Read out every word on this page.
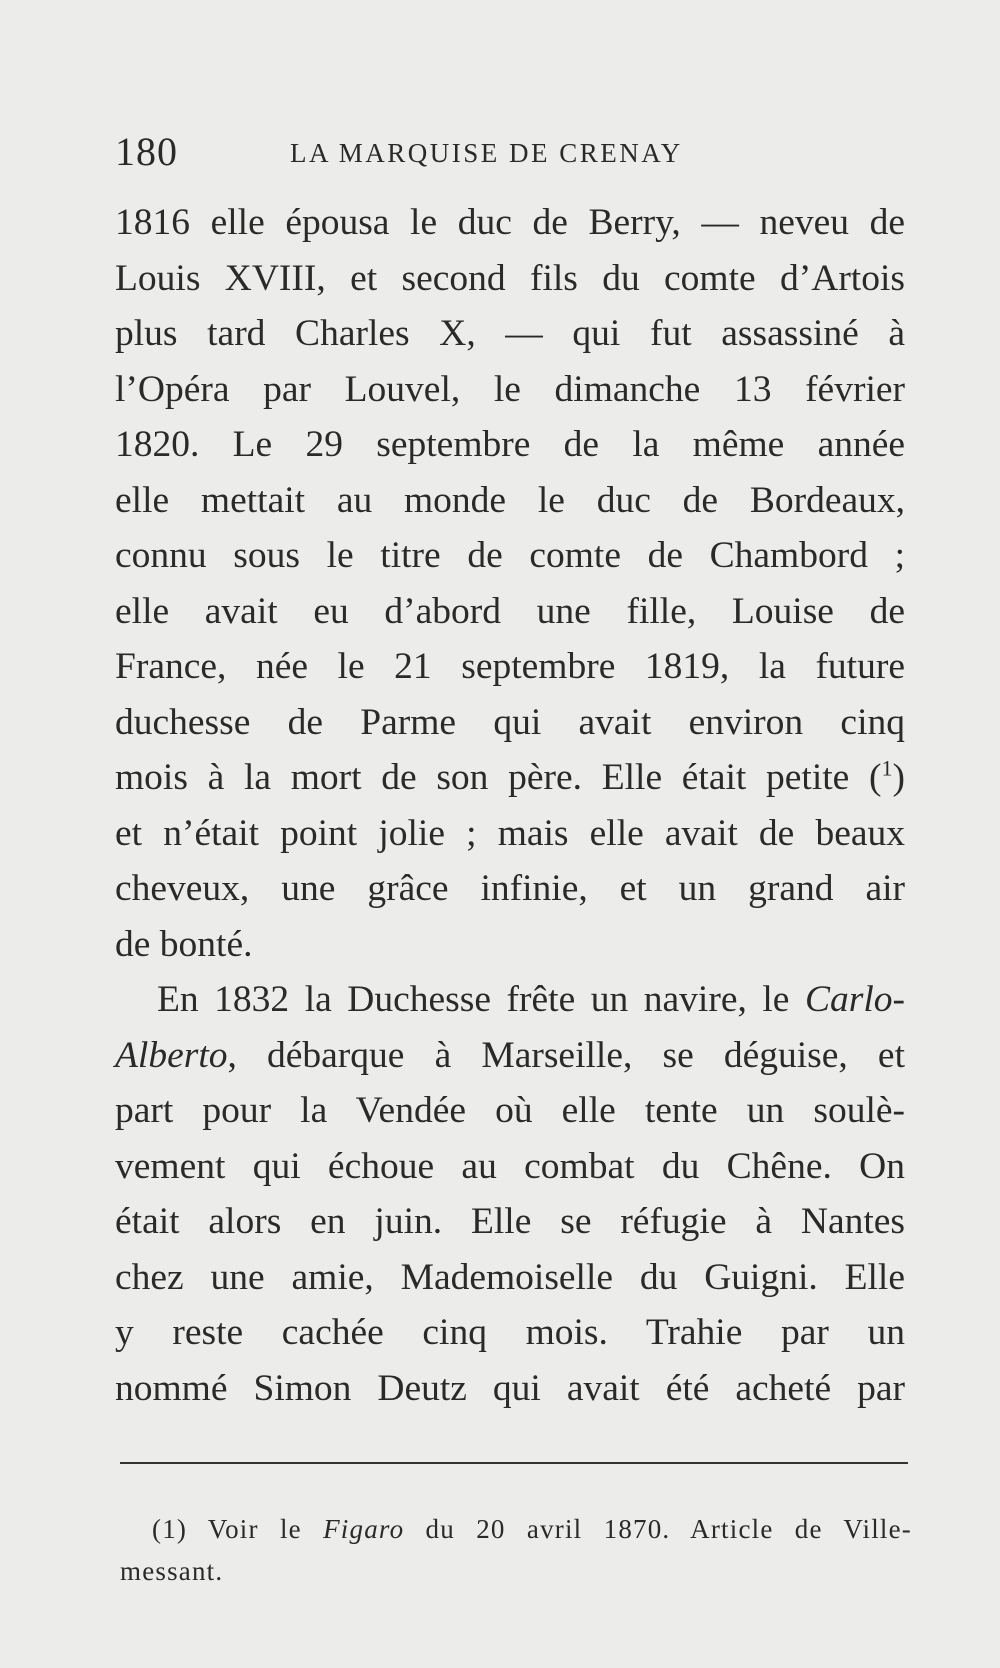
180	LA MARQUISE DE CRENAY
1816 elle épousa le duc de Berry, — neveu de
Louis XVIII, et second fils du comte d’Artois
plus tard Charles X, — qui fut assassiné à
l’Opéra par Louvel, le dimanche 13 février
1820. Le 29 septembre de la même année
elle mettait au monde le duc de Bordeaux,
connu sous le titre de comte de Chambord ;
elle avait eu d’abord une fille, Louise de
France, née le 21 septembre 1819, la future
duchesse de Parme qui avait environ cinq
mois à la mort de son père. Elle était petite ($^1$)
et n’était point jolie ; mais elle avait de beaux
cheveux, une grâce infinie, et un grand air
de bonté.
En 1832 la Duchesse frête un navire, le Carlo-
Alberto, débarque à Marseille, se déguise, et
part pour la Vendée où elle tente un soulè-
vement qui échoue au combat du Chêne. On
était alors en juin. Elle se réfugie à Nantes
chez une amie, Mademoiselle du Guigni. Elle
y reste cachée cinq mois. Trahie par un
nommé Simon Deutz qui avait été acheté par
(1) Voir le Figaro du 20 avril 1870. Article de Ville-
messant.
